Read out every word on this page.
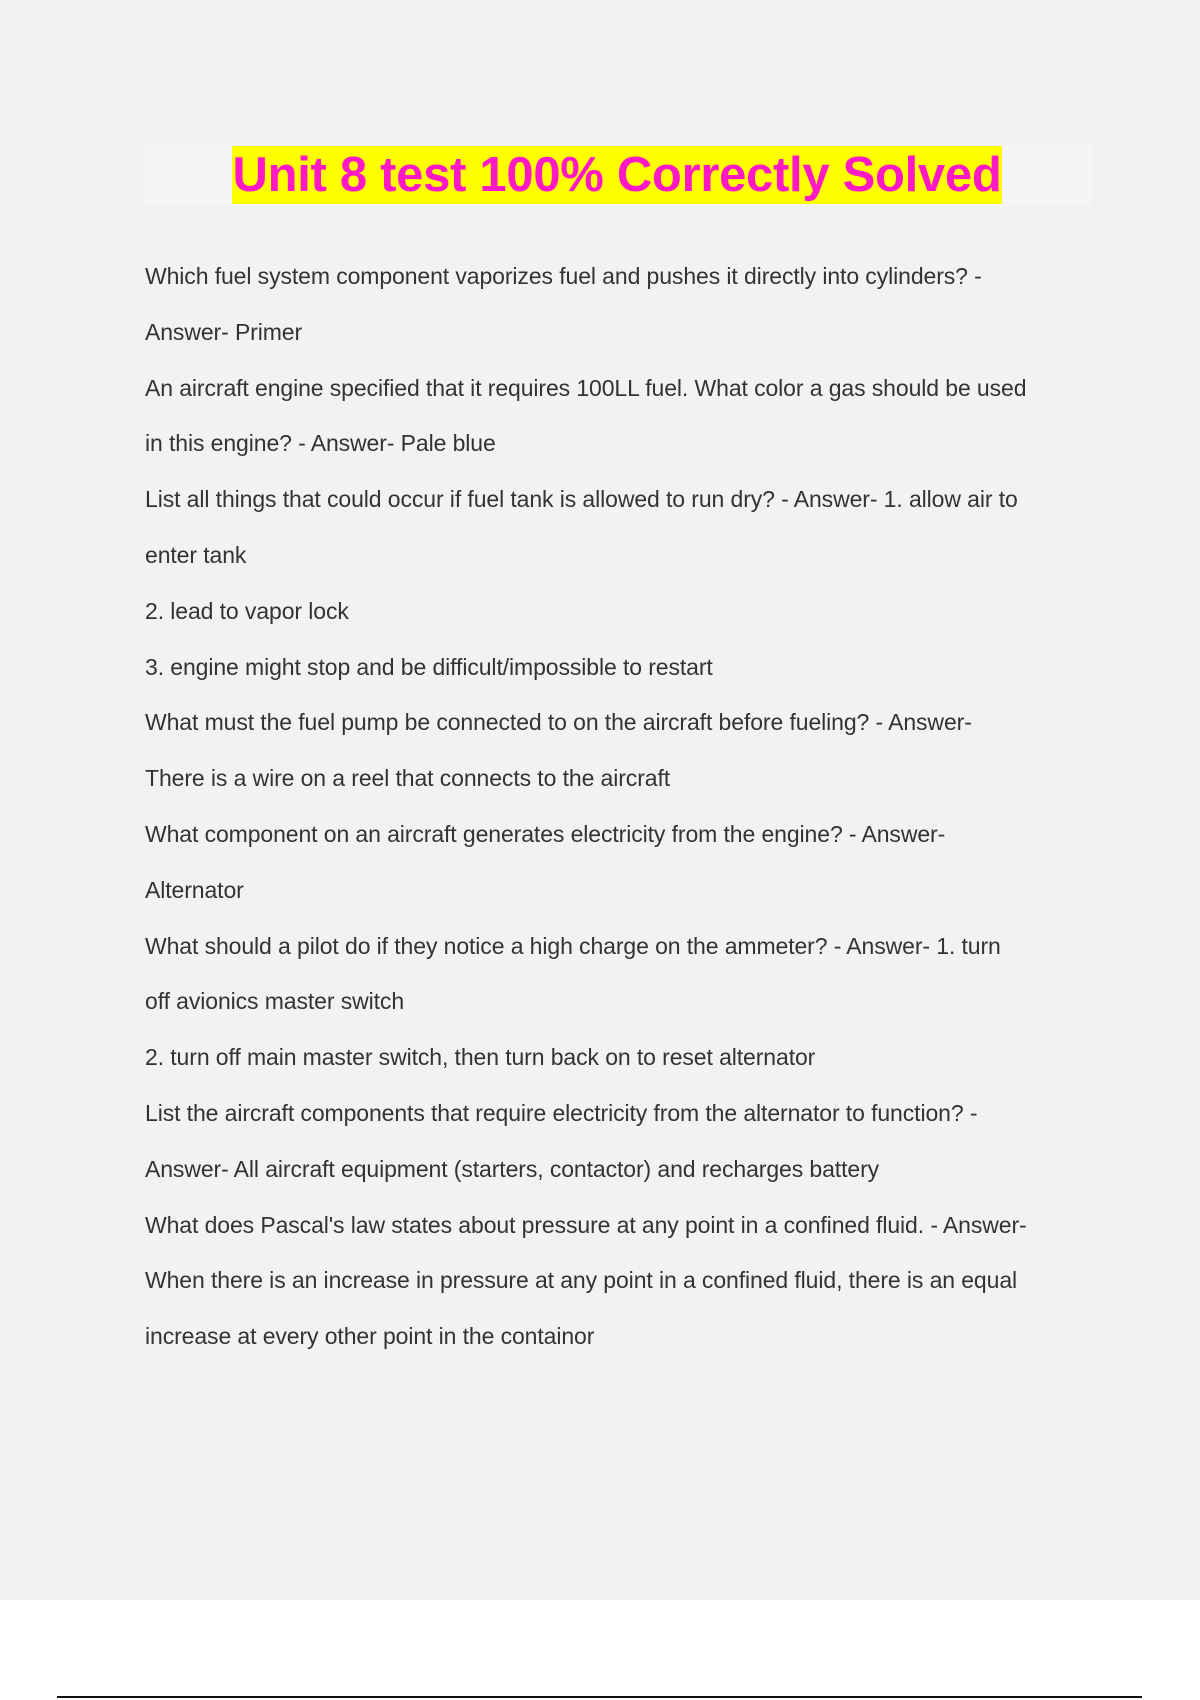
Unit 8 test 100% Correctly Solved
Which fuel system component vaporizes fuel and pushes it directly into cylinders? -
Answer- Primer
An aircraft engine specified that it requires 100LL fuel. What color a gas should be used
in this engine? - Answer- Pale blue
List all things that could occur if fuel tank is allowed to run dry? - Answer- 1. allow air to
enter tank
2. lead to vapor lock
3. engine might stop and be difficult/impossible to restart
What must the fuel pump be connected to on the aircraft before fueling? - Answer-
There is a wire on a reel that connects to the aircraft
What component on an aircraft generates electricity from the engine? - Answer-
Alternator
What should a pilot do if they notice a high charge on the ammeter? - Answer- 1. turn
off avionics master switch
2. turn off main master switch, then turn back on to reset alternator
List the aircraft components that require electricity from the alternator to function? -
Answer- All aircraft equipment (starters, contactor) and recharges battery
What does Pascal's law states about pressure at any point in a confined fluid. - Answer-
When there is an increase in pressure at any point in a confined fluid, there is an equal
increase at every other point in the containor
